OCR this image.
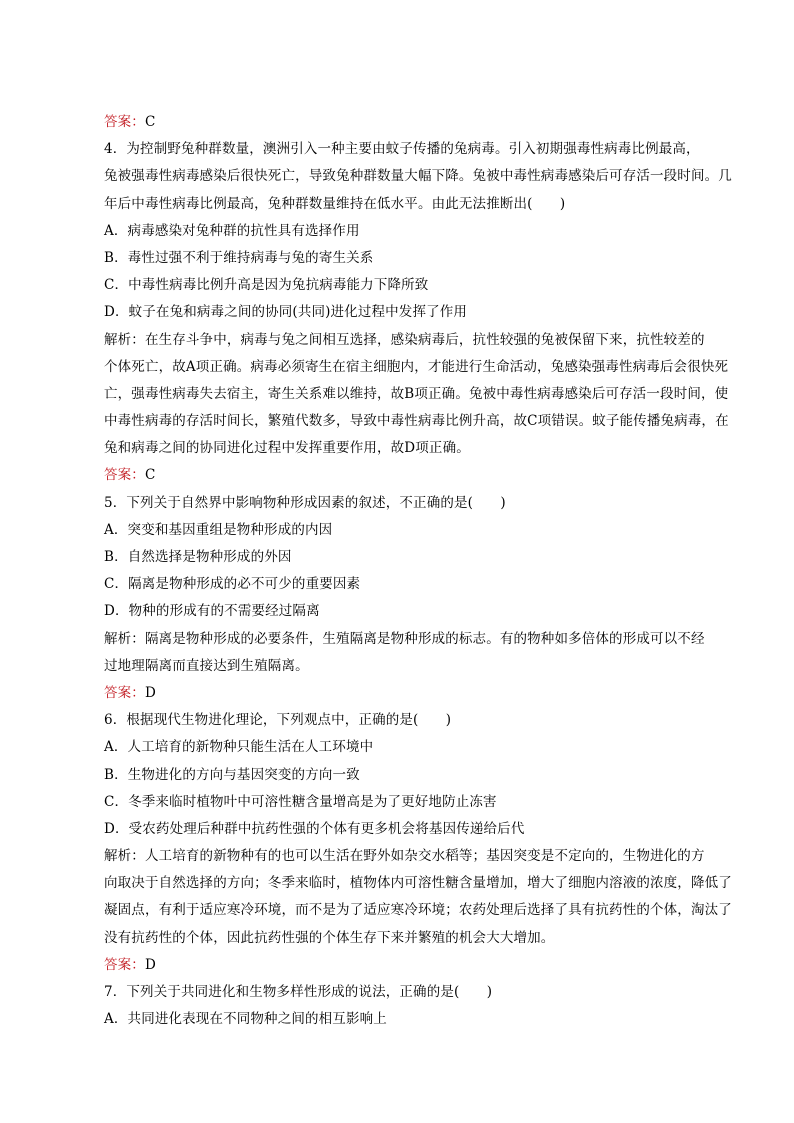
答案：C
4．为控制野兔种群数量，澳洲引入一种主要由蚊子传播的兔病毒。引入初期强毒性病毒比例最高，
兔被强毒性病毒感染后很快死亡，导致兔种群数量大幅下降。兔被中毒性病毒感染后可存活一段时间。几
年后中毒性病毒比例最高，兔种群数量维持在低水平。由此无法推断出(　　)
A．病毒感染对兔种群的抗性具有选择作用
B．毒性过强不利于维持病毒与兔的寄生关系
C．中毒性病毒比例升高是因为兔抗病毒能力下降所致
D．蚊子在兔和病毒之间的协同(共同)进化过程中发挥了作用
解析：在生存斗争中，病毒与兔之间相互选择，感染病毒后，抗性较强的兔被保留下来，抗性较差的
个体死亡，故A项正确。病毒必须寄生在宿主细胞内，才能进行生命活动，兔感染强毒性病毒后会很快死
亡，强毒性病毒失去宿主，寄生关系难以维持，故B项正确。兔被中毒性病毒感染后可存活一段时间，使
中毒性病毒的存活时间长，繁殖代数多，导致中毒性病毒比例升高，故C项错误。蚊子能传播兔病毒，在
兔和病毒之间的协同进化过程中发挥重要作用，故D项正确。
答案：C
5．下列关于自然界中影响物种形成因素的叙述，不正确的是(　　)
A．突变和基因重组是物种形成的内因
B．自然选择是物种形成的外因
C．隔离是物种形成的必不可少的重要因素
D．物种的形成有的不需要经过隔离
解析：隔离是物种形成的必要条件，生殖隔离是物种形成的标志。有的物种如多倍体的形成可以不经
过地理隔离而直接达到生殖隔离。
答案：D
6．根据现代生物进化理论，下列观点中，正确的是(　　)
A．人工培育的新物种只能生活在人工环境中
B．生物进化的方向与基因突变的方向一致
C．冬季来临时植物叶中可溶性糖含量增高是为了更好地防止冻害
D．受农药处理后种群中抗药性强的个体有更多机会将基因传递给后代
解析：人工培育的新物种有的也可以生活在野外如杂交水稻等；基因突变是不定向的，生物进化的方
向取决于自然选择的方向；冬季来临时，植物体内可溶性糖含量增加，增大了细胞内溶液的浓度，降低了
凝固点，有利于适应寒冷环境，而不是为了适应寒冷环境；农药处理后选择了具有抗药性的个体，淘汰了
没有抗药性的个体，因此抗药性强的个体生存下来并繁殖的机会大大增加。
答案：D
7．下列关于共同进化和生物多样性形成的说法，正确的是(　　)
A．共同进化表现在不同物种之间的相互影响上
